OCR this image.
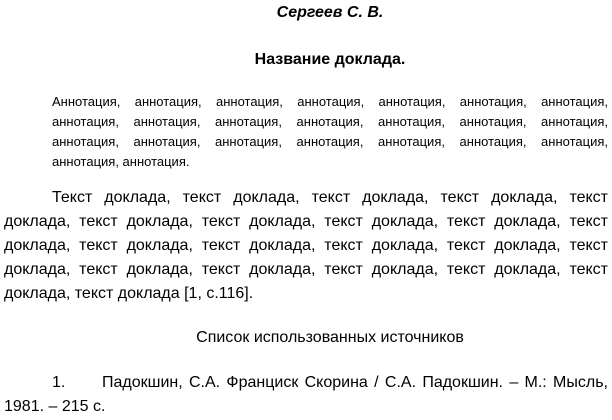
Сергеев С. В.
Название доклада.
Аннотация, аннотация, аннотация, аннотация, аннотация, аннотация, аннотация, аннотация, аннотация, аннотация, аннотация, аннотация, аннотация, аннотация, аннотация, аннотация, аннотация, аннотация, аннотация, аннотация, аннотация, аннотация, аннотация.
Текст доклада, текст доклада, текст доклада, текст доклада, текст доклада, текст доклада, текст доклада, текст доклада, текст доклада, текст доклада, текст доклада, текст доклада, текст доклада, текст доклада, текст доклада, текст доклада, текст доклада, текст доклада, текст доклада, текст доклада, текст доклада [1, с.116].
Список использованных источников
1. Падокшин, С.А. Франциск Скорина / С.А. Падокшин. – М.: Мысль, 1981. – 215 с.
